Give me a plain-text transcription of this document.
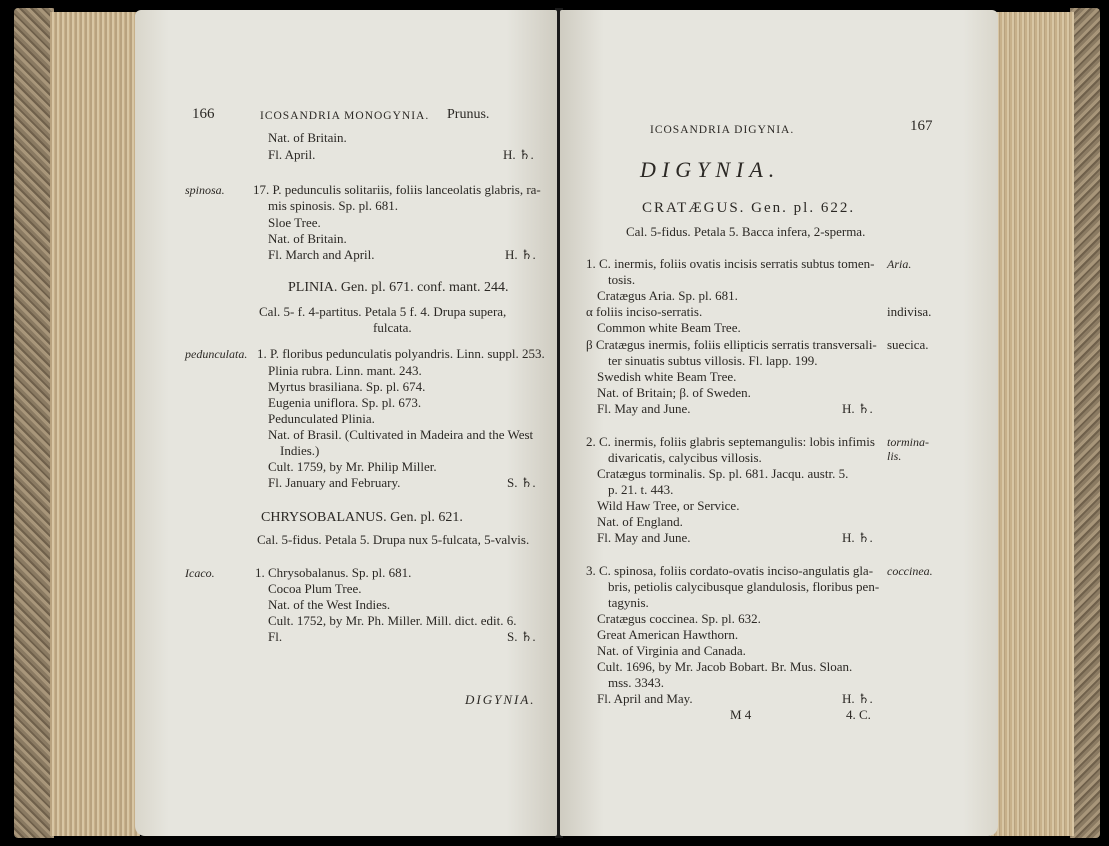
166	ICOSANDRIA MONOGYNIA. Prunus.
Nat. of Britain.
Fl. April.	H. ♄.
spinosa. 17. P. pedunculis solitariis, foliis lanceolatis glabris, ra-
mis spinosis. Sp. pl. 681.
Sloe Tree.
Nat. of Britain.
Fl. March and April.	H. ♄.
PLINIA. Gen. pl. 671. conf. mant. 244.
Cal. 5- f. 4-partitus. Petala 5 f. 4. Drupa supera,
fulcata.
pedunculata. 1. P. floribus pedunculatis polyandris. Linn. suppl. 253.
Plinia rubra. Linn. mant. 243.
Myrtus brasiliana. Sp. pl. 674.
Eugenia uniflora. Sp. pl. 673.
Pedunculated Plinia.
Nat. of Brasil. (Cultivated in Madeira and the West
Indies.)
Cult. 1759, by Mr. Philip Miller.
Fl. January and February.	S. ♄.
CHRYSOBALANUS. Gen. pl. 621.
Cal. 5-fidus. Petala 5. Drupa nux 5-fulcata, 5-valvis.
Icaco.	1. Chrysobalanus. Sp. pl. 681.
Cocoa Plum Tree.
Nat. of the West Indies.
Cult. 1752, by Mr. Ph. Miller. Mill. dict. edit. 6.
Fl.	S. ♄.
DIGYNIA.
ICOSANDRIA DIGYNIA.	167
DIGYNIA.
CRATÆGUS. Gen. pl. 622.
Cal. 5-fidus. Petala 5. Bacca infera, 2-sperma.
1. C. inermis, foliis ovatis incisis serratis subtus tomen- Aria.
tosis.
Cratægus Aria. Sp. pl. 681.
α foliis inciso-serratis.	indivisa.
Common white Beam Tree.
β Cratægus inermis, foliis ellipticis serratis transversali- suecica.
ter sinuatis subtus villosis. Fl. lapp. 199.
Swedish white Beam Tree.
Nat. of Britain; β. of Sweden.
Fl. May and June.	H. ♄.
2. C. inermis, foliis glabris septemangulis: lobis infimis tormina-
lis.
divaricatis, calycibus villosis.
Cratægus torminalis. Sp. pl. 681. Jacqu. austr. 5.
p. 21. t. 443.
Wild Haw Tree, or Service.
Nat. of England.
Fl. May and June.	H. ♄.
3. C. spinosa, foliis cordato-ovatis inciso-angulatis gla- coccinea.
bris, petiolis calycibusque glandulosis, floribus pen-
tagynis.
Cratægus coccinea. Sp. pl. 632.
Great American Hawthorn.
Nat. of Virginia and Canada.
Cult. 1696, by Mr. Jacob Bobart. Br. Mus. Sloan.
mss. 3343.
Fl. April and May.	H. ♄.
M 4	4. C.
